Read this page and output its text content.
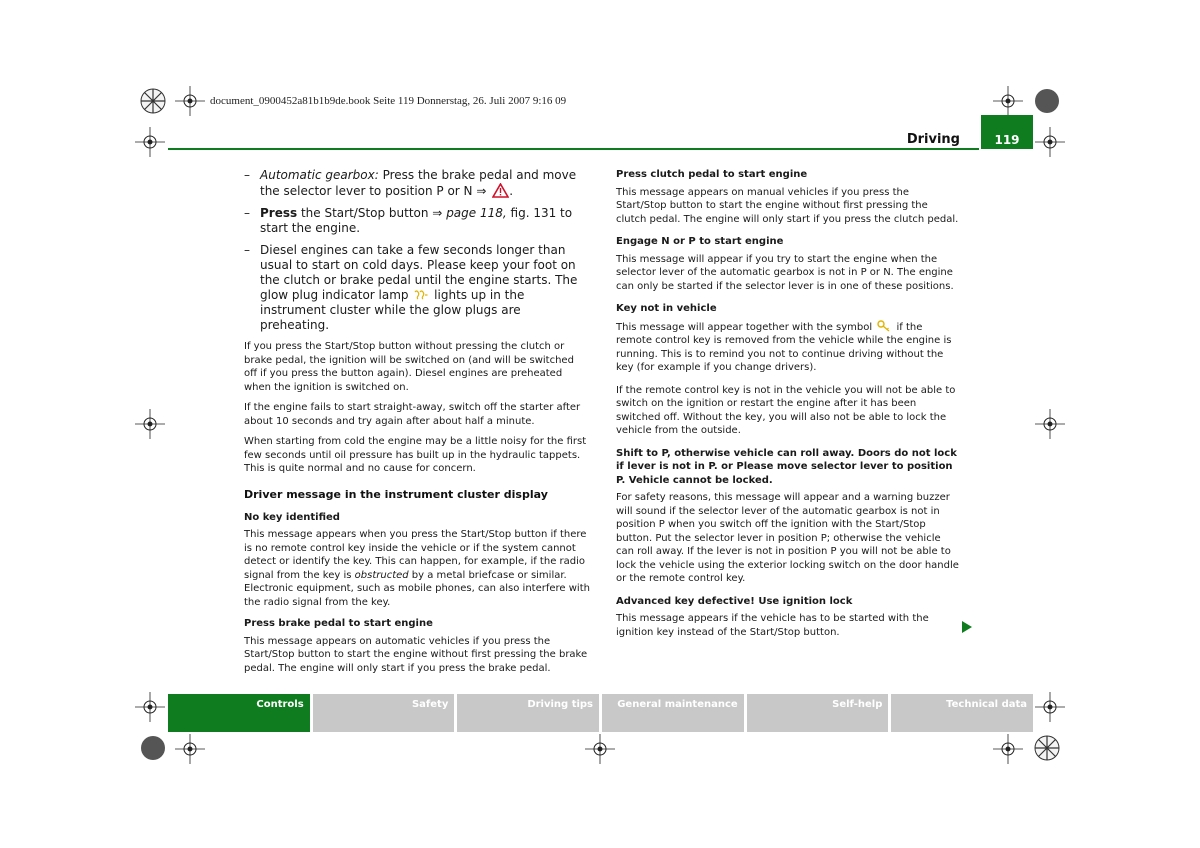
document_0900452a81b1b9de.book Seite 119 Donnerstag, 26. Juli 2007 9:16 09
Driving	119
– Automatic gearbox: Press the brake pedal and move the selector lever to position P or N ⇒ .
– Press the Start/Stop button ⇒ page 118, fig. 131 to start the engine.
– Diesel engines can take a few seconds longer than usual to start on cold days. Please keep your foot on the clutch or brake pedal until the engine starts. The glow plug indicator lamp  lights up in the instrument cluster while the glow plugs are preheating.

If you press the Start/Stop button without pressing the clutch or brake pedal, the ignition will be switched on (and will be switched off if you press the button again). Diesel engines are preheated when the ignition is switched on.

If the engine fails to start straight-away, switch off the starter after about 10 seconds and try again after about half a minute.

When starting from cold the engine may be a little noisy for the first few seconds until oil pressure has built up in the hydraulic tappets. This is quite normal and no cause for concern.

Driver message in the instrument cluster display
No key identified

This message appears when you press the Start/Stop button if there is no remote control key inside the vehicle or if the system cannot detect or identify the key. This can happen, for example, if the radio signal from the key is obstructed by a metal briefcase or similar. Electronic equipment, such as mobile phones, can also interfere with the radio signal from the key.

Press brake pedal to start engine

This message appears on automatic vehicles if you press the Start/Stop button to start the engine without first pressing the brake pedal. The engine will only start if you press the brake pedal.

Press clutch pedal to start engine

This message appears on manual vehicles if you press the Start/Stop button to start the engine without first pressing the clutch pedal. The engine will only start if you press the clutch pedal.

Engage N or P to start engine

This message will appear if you try to start the engine when the selector lever of the automatic gearbox is not in P or N. The engine can only be started if the selector lever is in one of these positions.

Key not in vehicle

This message will appear together with the symbol  if the remote control key is removed from the vehicle while the engine is running. This is to remind you not to continue driving without the key (for example if you change drivers).

If the remote control key is not in the vehicle you will not be able to switch on the ignition or restart the engine after it has been switched off. Without the key, you will also not be able to lock the vehicle from the outside.

Shift to P, otherwise vehicle can roll away. Doors do not lock if lever is not in P. or Please move selector lever to position P. Vehicle cannot be locked.

For safety reasons, this message will appear and a warning buzzer will sound if the selector lever of the automatic gearbox is not in position P when you switch off the ignition with the Start/Stop button. Put the selector lever in position P; otherwise the vehicle can roll away. If the lever is not in position P you will not be able to lock the vehicle using the exterior locking switch on the door handle or the remote control key.

Advanced key defective! Use ignition lock

This message appears if the vehicle has to be started with the ignition key instead of the Start/Stop button.

Controls	Safety	Driving tips	General maintenance	Self-help	Technical data
